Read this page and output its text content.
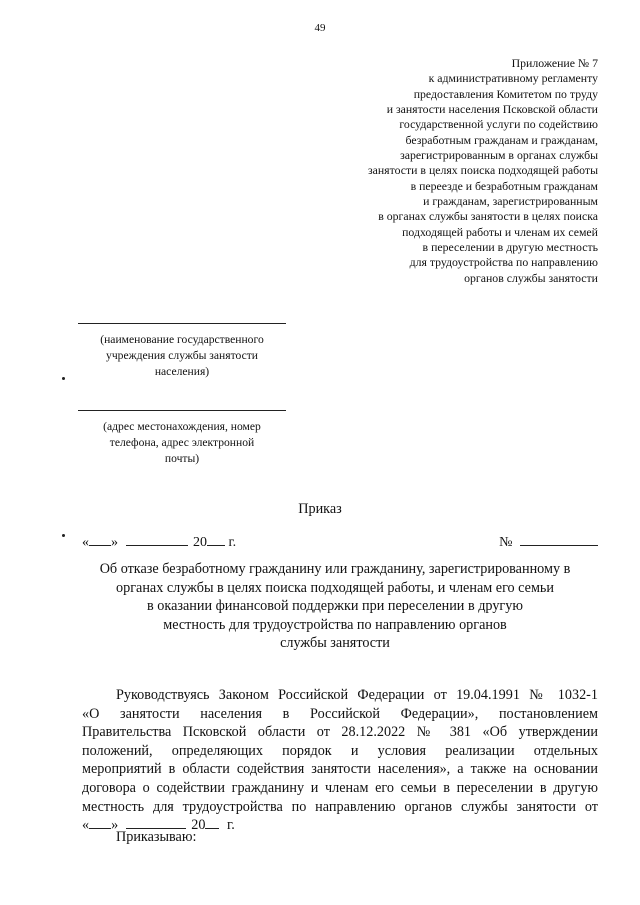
49
Приложение № 7
к административному регламенту
предоставления Комитетом по труду
и занятости населения Псковской области
государственной услуги по содействию
безработным гражданам и гражданам,
зарегистрированным в органах службы
занятости в целях поиска подходящей работы
в переезде и безработным гражданам
и гражданам, зарегистрированным
в органах службы занятости в целях поиска
подходящей работы и членам их семей
в переселении в другую местность
для трудоустройства по направлению
органов службы занятости
(наименование государственного
учреждения службы занятости
населения)
(адрес местонахождения, номер
телефона, адрес электронной
почты)
Приказ
« »	20 г.	№
Об отказе безработному гражданину или гражданину, зарегистрированному в
органах службы в целях поиска подходящей работы, и членам его семьи
в оказании финансовой поддержки при переселении в другую
местность для трудоустройства по направлению органов
службы занятости
Руководствуясь Законом Российской Федерации от 19.04.1991 № 1032-1
«О занятости населения в Российской Федерации», постановлением
Правительства Псковской области от 28.12.2022 № 381 «Об утверждении
положений, определяющих порядок и условия реализации отдельных
мероприятий в области содействия занятости населения», а также на основании
договора о содействии гражданину и членам его семьи в переселении в другую
местность для трудоустройства по направлению органов службы занятости от
« »	20 г.
Приказываю:
